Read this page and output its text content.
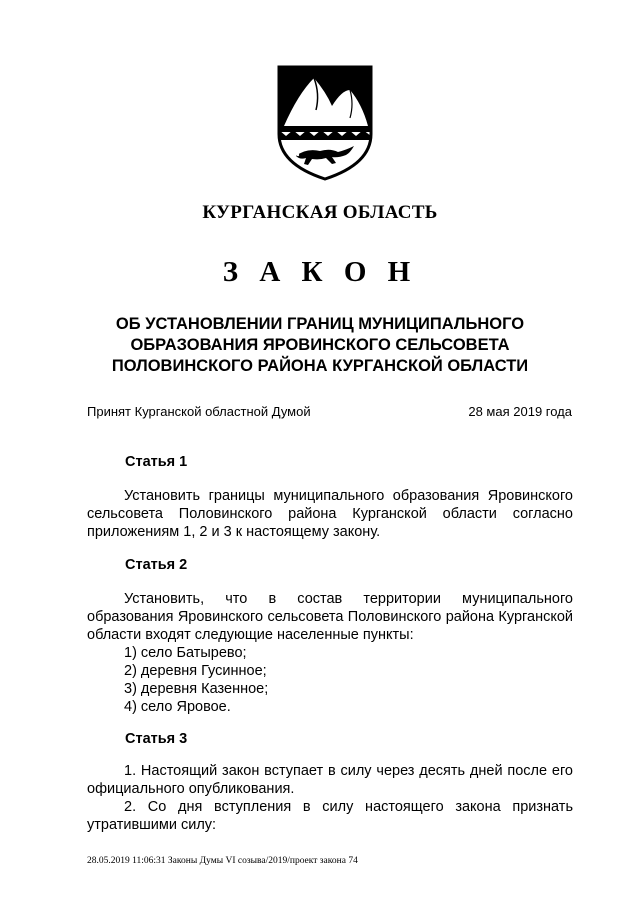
КУРГАНСКАЯ ОБЛАСТЬ
З А К О Н
ОБ УСТАНОВЛЕНИИ ГРАНИЦ МУНИЦИПАЛЬНОГО
ОБРАЗОВАНИЯ ЯРОВИНСКОГО СЕЛЬСОВЕТА
ПОЛОВИНСКОГО РАЙОНА КУРГАНСКОЙ ОБЛАСТИ
Принят Курганской областной Думой	28 мая 2019 года
Статья 1

Установить границы муниципального образования Яровинского сельсовета Половинского района Курганской области согласно приложениям 1, 2 и 3 к настоящему закону.

Статья 2

Установить, что в состав территории муниципального образования Яровинского сельсовета Половинского района Курганской области входят следующие населенные пункты:

1) село Батырево;

2) деревня Гусинное;

3) деревня Казенное;

4) село Яровое.

Статья 3

1. Настоящий закон вступает в силу через десять дней после его официального опубликования.

2. Со дня вступления в силу настоящего закона признать утратившими силу:

28.05.2019 11:06:31 Законы Думы VI созыва/2019/проект закона 74
